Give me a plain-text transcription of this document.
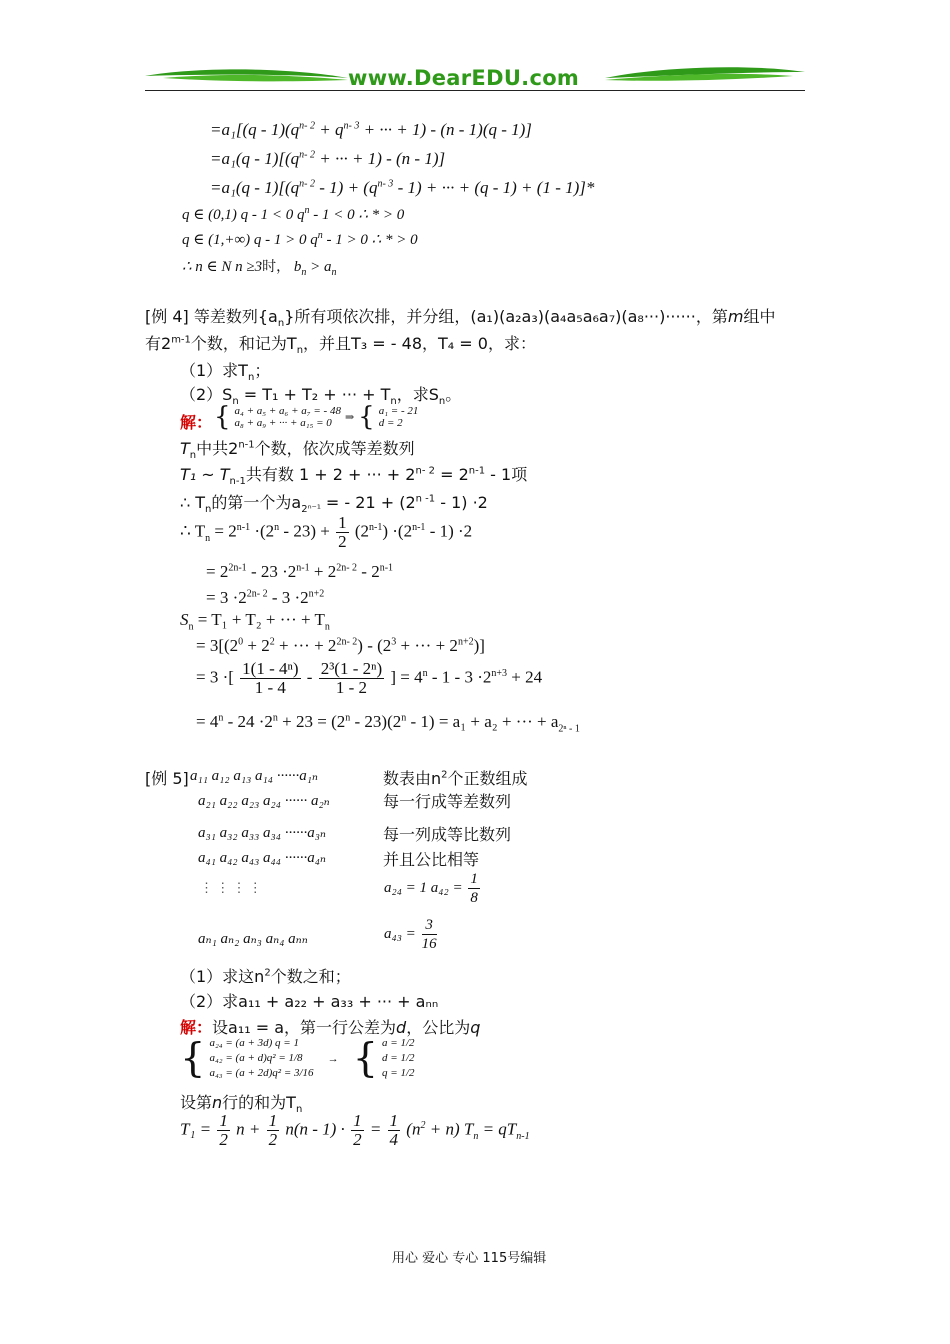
www.DearEDU.com
$=a_1[(q - 1)(q^{n- 2} + q^{n- 3}$ + ··· + 1) - (n - 1)(q - 1)]
$=a_1(q - 1)[(q^{n- 2}$ + ··· + 1) - (n - 1)]
$=a_1(q - 1)[(q^{n- 2} - 1) + (q^{n- 3} - 1)$ + ··· + (q - 1) + (1 - 1)]*
q ∈ (0,1) q - 1 < 0 $q^n - 1 < 0$ ∴ * > 0
q ∈ (1,+∞) q - 1 > 0 $q^n - 1 > 0$ ∴ * > 0
∴ n ∈ N n ≥3时， $b_n > a_n$
[例 4] 等差数列$\{a_n\}$所有项依次排，并分组，(a₁)(a₂a₃)(a₄a₅a₆a₇)(a₈···)······，第m组中
有2$^{m-1}$个数，和记为$T_n$，并且T₃ = - 48，T₄ = 0，求：
（1）求$T_n$；
$(2)S_n = T_1 + T_2$ + ··· + $T_n$，求$S_n$。
解： { a₄ + a₅ + a₆ + a₇ = - 48
a₈ + a₉ + ··· + a₁₅ = 0	⇒ { a₁ = - 21
d = 2
$T_n$中共2$^{n-1}$个数，依次成等差数列
T₁ ~ $T_{n-1}$共有数 1 + 2 + ··· + $2^{n- 2} = 2^{n-1} - 1$项
∴ $T_n$的第一个为$a_{2^{n-1}}$ = - $21 + (2^{n -1} - 1) \cdot 2$
∴ $T_n = 2^{n-1} \cdot(2^n - 23) + \frac{1}{2} (2^{n-1}) \cdot(2^{n-1} - 1) \cdot 2$
= $2^{2n-1} - 23 \cdot 2^{n-1} + 2^{2n- 2} - 2^{n-1}$
= $3 \cdot 2^{2n- 2} - 3 \cdot 2^{n+2}$
$S_n = T_1 + T_2$ + ··· + $T_n$
= $3[(2^0 + 2^2$ + ··· + $2^{2n- 2}) - (2^3$ + ··· + $2^{n+2}$)]
= 3 ·[ $\frac{\text{1(1 - 4ⁿ)}}{1 - 4} - \frac{\text{2³(1 - 2ⁿ)}}{1 - 2}$ ] = $4^n - 1 - 3 \cdot 2^{n+3} + 24$
= $4^n - 24 \cdot 2^n + 23 = (2^n - 23)(2^n - 1) = a_1 + a_2$ + ··· + $a_{2^n - 1}$
[例 5] a₁₁ a₁₂ a₁₃ a₁₄ ······a₁ₙ	数表由$n^2$个正数组成
a₂₁ a₂₂ a₂₃ a₂₄ ······ a₂ₙ	每一行成等差数列
a₃₁ a₃₂ a₃₃ a₃₄ ······a₃ₙ	每一列成等比数列
a₄₁ a₄₂ a₄₃ a₄₄ ······a₄ₙ	并且公比相等
⋮ ⋮ ⋮ ⋮	a₂₄ = 1 $a_{42} = \frac{1}{8}$
aₙ₁ aₙ₂ aₙ₃ aₙ₄ aₙₙ	$a_{43} = \frac{3}{16}$
（1）求这$n^2$个数之和；
（2）求a₁₁ + a₂₂ + a₃₃ + ··· + aₙₙ
解：设a₁₁ = a，第一行公差为d，公比为q
{ a₂₄ = (a + 3d) q = 1
a₄₂ = (a + d)q² = 1/8
a₄₃ = (a + 2d)q² = 3/16
→ { a = 1/2
d = 1/2
q = 1/2
设第n行的和为$T_n$
$T_1 = \frac{1}{2}$ $n + \frac{1}{2} n(n - 1) \cdot \frac{1}{2} = \frac{1}{4} (n^2 + n) T_n = qT_{n-1}$
用心 爱心 专心 115号编辑
